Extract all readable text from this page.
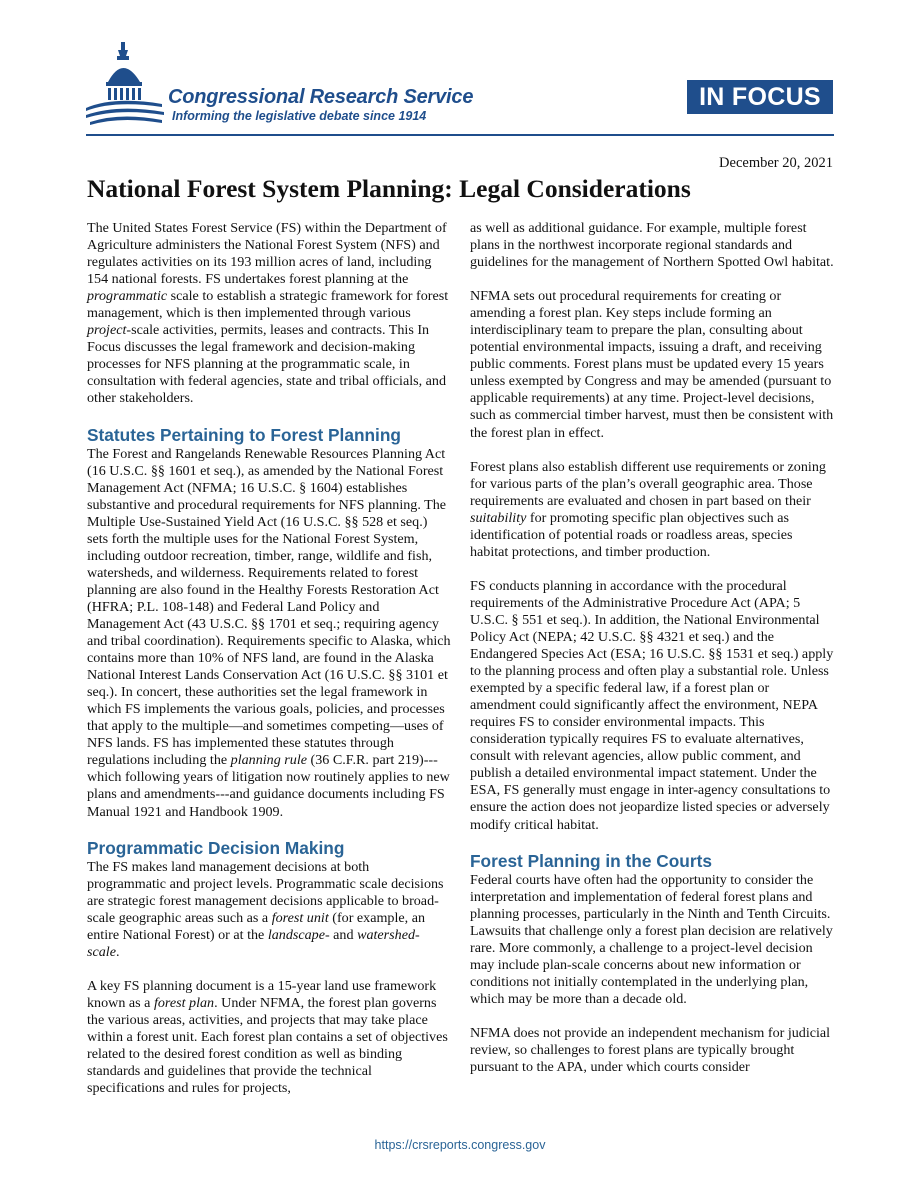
Congressional Research Service
Informing the legislative debate since 1914
IN FOCUS
December 20, 2021
National Forest System Planning: Legal Considerations

The United States Forest Service (FS) within the Department of Agriculture administers the National Forest System (NFS) and regulates activities on its 193 million acres of land, including 154 national forests. FS undertakes forest planning at the programmatic scale to establish a strategic framework for forest management, which is then implemented through various project-scale activities, permits, leases and contracts. This In Focus discusses the legal framework and decision-making processes for NFS planning at the programmatic scale, in consultation with federal agencies, state and tribal officials, and other stakeholders.

Statutes Pertaining to Forest Planning

The Forest and Rangelands Renewable Resources Planning Act (16 U.S.C. §§ 1601 et seq.), as amended by the National Forest Management Act (NFMA; 16 U.S.C. § 1604) establishes substantive and procedural requirements for NFS planning. The Multiple Use-Sustained Yield Act (16 U.S.C. §§ 528 et seq.) sets forth the multiple uses for the National Forest System, including outdoor recreation, timber, range, wildlife and fish, watersheds, and wilderness. Requirements related to forest planning are also found in the Healthy Forests Restoration Act (HFRA; P.L. 108-148) and Federal Land Policy and Management Act (43 U.S.C. §§ 1701 et seq.; requiring agency and tribal coordination). Requirements specific to Alaska, which contains more than 10% of NFS land, are found in the Alaska National Interest Lands Conservation Act (16 U.S.C. §§ 3101 et seq.). In concert, these authorities set the legal framework in which FS implements the various goals, policies, and processes that apply to the multiple—and sometimes competing—uses of NFS lands. FS has implemented these statutes through regulations including the planning rule (36 C.F.R. part 219)---which following years of litigation now routinely applies to new plans and amendments---and guidance documents including FS Manual 1921 and Handbook 1909.

Programmatic Decision Making

The FS makes land management decisions at both programmatic and project levels. Programmatic scale decisions are strategic forest management decisions applicable to broad-scale geographic areas such as a forest unit (for example, an entire National Forest) or at the landscape- and watershed-scale.

A key FS planning document is a 15-year land use framework known as a forest plan. Under NFMA, the forest plan governs the various areas, activities, and projects that may take place within a forest unit. Each forest plan contains a set of objectives related to the desired forest condition as well as binding standards and guidelines that provide the technical specifications and rules for projects,

as well as additional guidance. For example, multiple forest plans in the northwest incorporate regional standards and guidelines for the management of Northern Spotted Owl habitat.

NFMA sets out procedural requirements for creating or amending a forest plan. Key steps include forming an interdisciplinary team to prepare the plan, consulting about potential environmental impacts, issuing a draft, and receiving public comments. Forest plans must be updated every 15 years unless exempted by Congress and may be amended (pursuant to applicable requirements) at any time. Project-level decisions, such as commercial timber harvest, must then be consistent with the forest plan in effect.

Forest plans also establish different use requirements or zoning for various parts of the plan’s overall geographic area. Those requirements are evaluated and chosen in part based on their suitability for promoting specific plan objectives such as identification of potential roads or roadless areas, species habitat protections, and timber production.

FS conducts planning in accordance with the procedural requirements of the Administrative Procedure Act (APA; 5 U.S.C. § 551 et seq.). In addition, the National Environmental Policy Act (NEPA; 42 U.S.C. §§ 4321 et seq.) and the Endangered Species Act (ESA; 16 U.S.C. §§ 1531 et seq.) apply to the planning process and often play a substantial role. Unless exempted by a specific federal law, if a forest plan or amendment could significantly affect the environment, NEPA requires FS to consider environmental impacts. This consideration typically requires FS to evaluate alternatives, consult with relevant agencies, allow public comment, and publish a detailed environmental impact statement. Under the ESA, FS generally must engage in inter-agency consultations to ensure the action does not jeopardize listed species or adversely modify critical habitat.

Forest Planning in the Courts

Federal courts have often had the opportunity to consider the interpretation and implementation of federal forest plans and planning processes, particularly in the Ninth and Tenth Circuits. Lawsuits that challenge only a forest plan decision are relatively rare. More commonly, a challenge to a project-level decision may include plan-scale concerns about new information or conditions not initially contemplated in the underlying plan, which may be more than a decade old.

NFMA does not provide an independent mechanism for judicial review, so challenges to forest plans are typically brought pursuant to the APA, under which courts consider

https://crsreports.congress.gov
